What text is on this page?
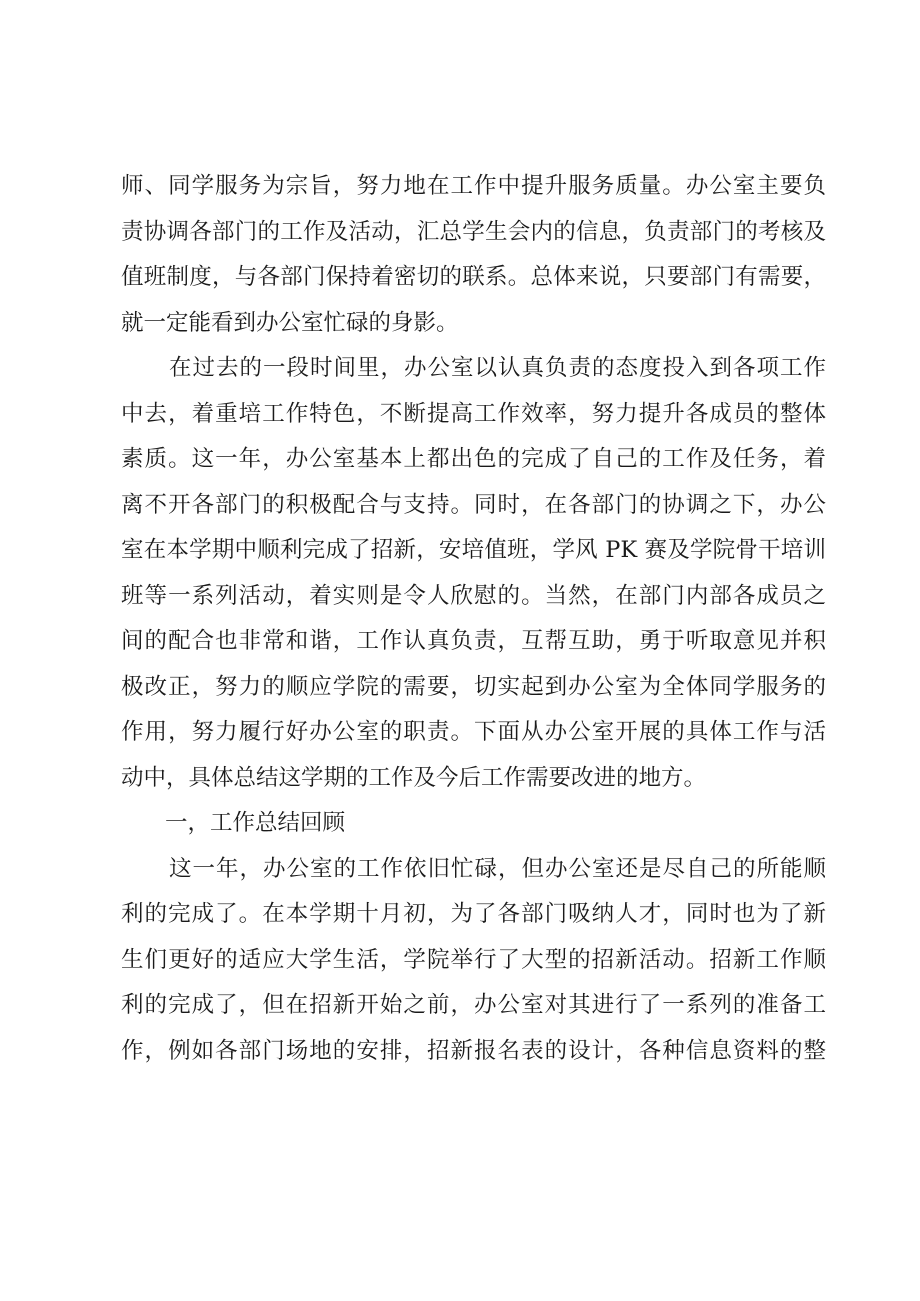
师、同学服务为宗旨，努力地在工作中提升服务质量。办公室主要负
责协调各部门的工作及活动，汇总学生会内的信息，负责部门的考核及
值班制度，与各部门保持着密切的联系。总体来说，只要部门有需要，
就一定能看到办公室忙碌的身影。
在过去的一段时间里，办公室以认真负责的态度投入到各项工作
中去，着重培工作特色，不断提高工作效率，努力提升各成员的整体
素质。这一年，办公室基本上都出色的完成了自己的工作及任务，着
离不开各部门的积极配合与支持。同时，在各部门的协调之下，办公
室在本学期中顺利完成了招新，安培值班，学风 PK 赛及学院骨干培训
班等一系列活动，着实则是令人欣慰的。当然，在部门内部各成员之
间的配合也非常和谐，工作认真负责，互帮互助，勇于听取意见并积
极改正，努力的顺应学院的需要，切实起到办公室为全体同学服务的
作用，努力履行好办公室的职责。下面从办公室开展的具体工作与活
动中，具体总结这学期的工作及今后工作需要改进的地方。
一，工作总结回顾
这一年，办公室的工作依旧忙碌，但办公室还是尽自己的所能顺
利的完成了。在本学期十月初，为了各部门吸纳人才，同时也为了新
生们更好的适应大学生活，学院举行了大型的招新活动。招新工作顺
利的完成了，但在招新开始之前，办公室对其进行了一系列的准备工
作，例如各部门场地的安排，招新报名表的设计，各种信息资料的整
